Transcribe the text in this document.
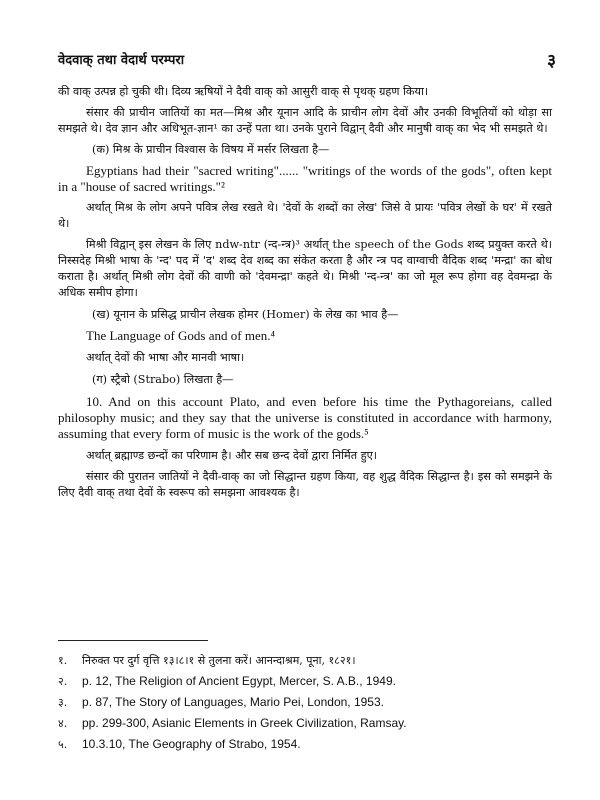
वेदवाक् तथा वेदार्थ परम्परा	३

की वाक् उत्पन्न हो चुकी थी। दिव्य ऋषियों ने दैवी वाक् को आसुरी वाक् से पृथक् ग्रहण किया।

संसार की प्राचीन जातियों का मत—मिश्र और यूनान आदि के प्राचीन लोग देवों और उनकी विभूतियों को थोड़ा सा समझते थे। देव ज्ञान और अधिभूत-ज्ञान¹ का उन्हें पता था। उनके पुराने विद्वान् दैवी और मानुषी वाक् का भेद भी समझते थे।

(क) मिश्र के प्राचीन विश्वास के विषय में मर्सर लिखता है—

Egyptians had their "sacred writing"...... "writings of the words of the gods", often kept in a "house of sacred writings."²

अर्थात् मिश्र के लोग अपने पवित्र लेख रखते थे। 'देवों के शब्दों का लेख' जिसे वे प्रायः 'पवित्र लेखों के घर' में रखते थे।

मिश्री विद्वान् इस लेखन के लिए ndw-ntr (न्द-न्त्र)³ अर्थात् the speech of the Gods शब्द प्रयुक्त करते थे। निस्सदेह मिश्री भाषा के 'न्द' पद में 'द' शब्द देव शब्द का संकेत करता है और न्त्र पद वाग्वाची वैदिक शब्द 'मन्द्रा' का बोध कराता है। अर्थात् मिश्री लोग देवों की वाणी को 'देवमन्द्रा' कहते थे। मिश्री 'न्द-न्त्र' का जो मूल रूप होगा वह देवमन्द्रा के अधिक समीप होगा।

(ख) यूनान के प्रसिद्ध प्राचीन लेखक होमर (Homer) के लेख का भाव है—

The Language of Gods and of men.⁴

अर्थात् देवों की भाषा और मानवी भाषा।

(ग) स्ट्रैबो (Strabo) लिखता है—

10. And on this account Plato, and even before his time the Pythagoreians, called philosophy music; and they say that the universe is constituted in accordance with harmony, assuming that every form of music is the work of the gods.⁵

अर्थात् ब्रह्माण्ड छन्दों का परिणाम है। और सब छन्द देवों द्वारा निर्मित हुए।

संसार की पुरातन जातियों ने दैवी-वाक् का जो सिद्धान्त ग्रहण किया, वह शुद्ध वैदिक सिद्धान्त है। इस को समझने के लिए दैवी वाक् तथा देवों के स्वरूप को समझना आवश्यक है।

१. निरुक्त पर दुर्ग वृत्ति १३।८।१ से तुलना करें। आनन्दाश्रम, पूना, १८२१।
२. p. 12, The Religion of Ancient Egypt, Mercer, S. A.B., 1949.
३. p. 87, The Story of Languages, Mario Pei, London, 1953.
४. pp. 299-300, Asianic Elements in Greek Civilization, Ramsay.
५. 10.3.10, The Geography of Strabo, 1954.
